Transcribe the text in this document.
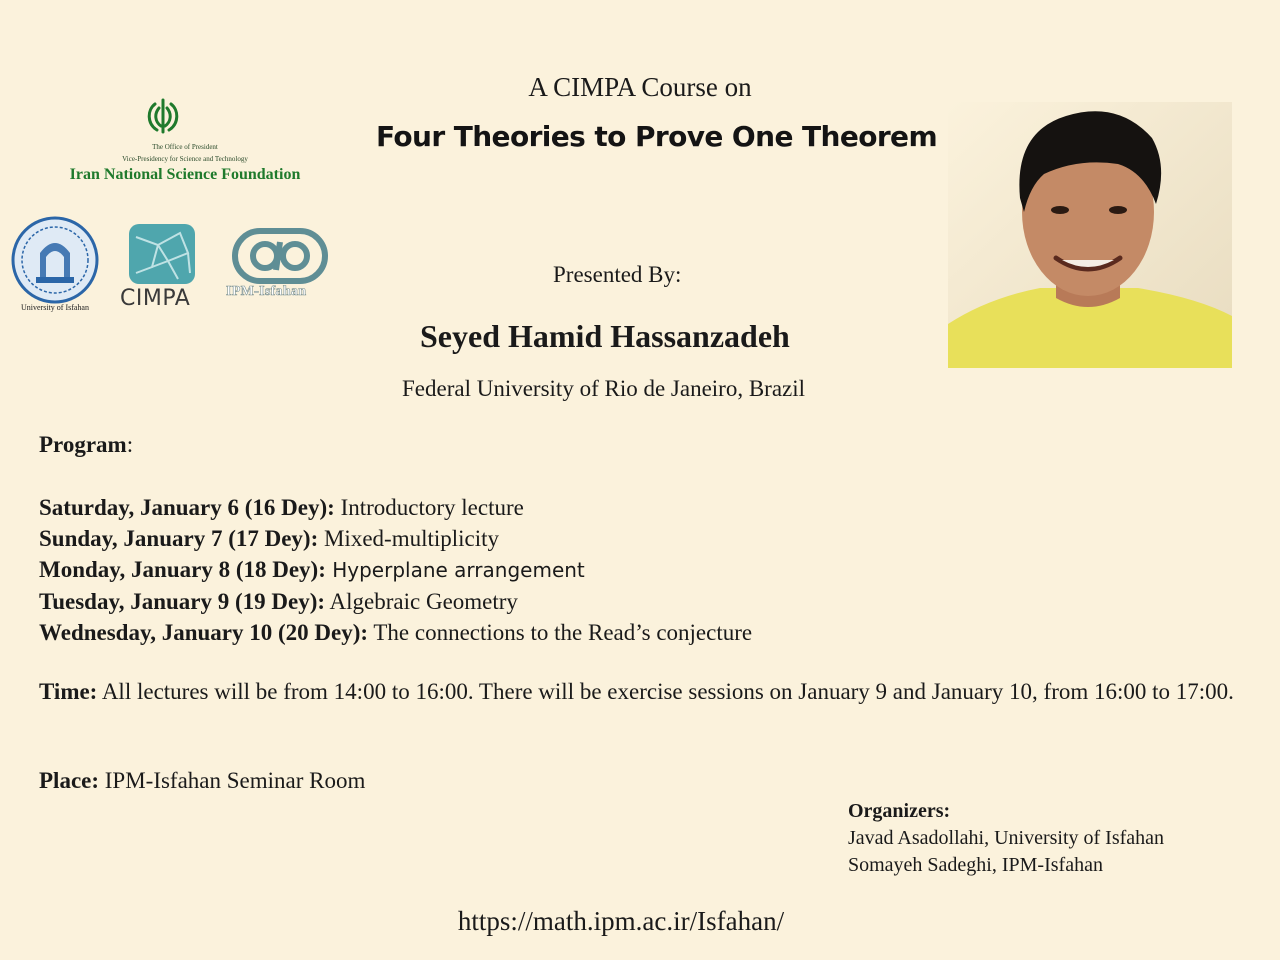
A CIMPA Course on
Four Theories to Prove One Theorem
Presented By:
Seyed Hamid Hassanzadeh
Federal University of Rio de Janeiro, Brazil
The Office of President
Vice-Presidency for Science and Technology
Iran National Science Foundation
University of Isfahan	CIMPA	IPM-Isfahan
Program:
Saturday, January 6 (16 Dey): Introductory lecture
Sunday, January 7 (17 Dey): Mixed-multiplicity
Monday, January 8 (18 Dey): Hyperplane arrangement
Tuesday, January 9 (19 Dey): Algebraic Geometry
Wednesday, January 10 (20 Dey): The connections to the Read’s conjecture
Time: All lectures will be from 14:00 to 16:00. There will be exercise sessions on January 9 and January 10, from 16:00 to 17:00.
Place: IPM-Isfahan Seminar Room
Organizers:
Javad Asadollahi, University of Isfahan
Somayeh Sadeghi, IPM-Isfahan
https://math.ipm.ac.ir/Isfahan/
